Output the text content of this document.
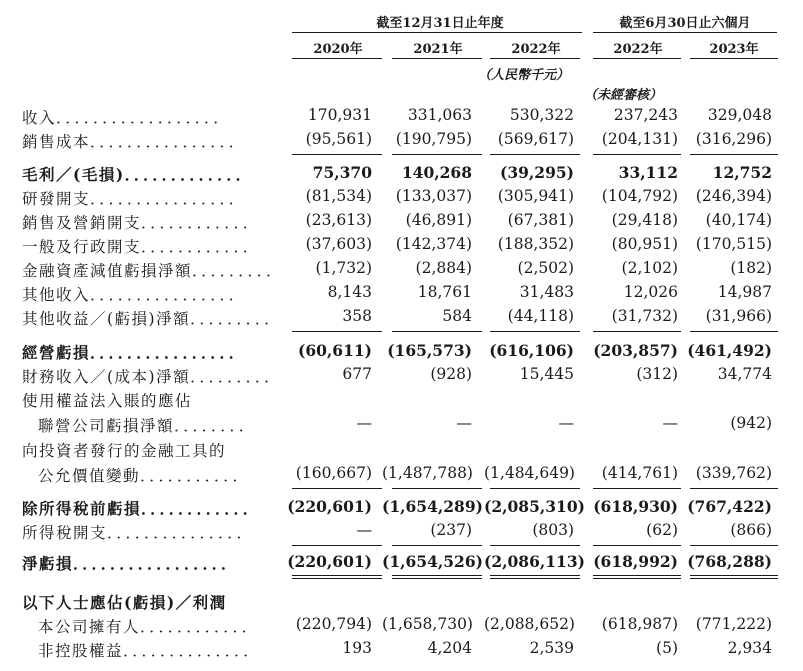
截至12月31日止年度	截至6月30日止六個月
2020年	2021年	2022年	2022年	2023年
（人民幣千元）
（未經審核）
收入．．．．．．．．．．．．．．．．．．	170,931	331,063	530,322	237,243	329,048
銷售成本．．．．．．．．．．．．．．．．	(95,561)	(190,795)	(569,617)	(204,131)	(316,296)
毛利／(毛損)．．．．．．．．．．．．．	75,370	140,268	(39,295)	33,112	12,752
研發開支．．．．．．．．．．．．．．．．	(81,534)	(133,037)	(305,941)	(104,792)	(246,394)
銷售及營銷開支．．．．．．．．．．．．	(23,613)	(46,891)	(67,381)	(29,418)	(40,174)
一般及行政開支．．．．．．．．．．．．	(37,603)	(142,374)	(188,352)	(80,951)	(170,515)
金融資產減值虧損淨額．．．．．．．．．	(1,732)	(2,884)	(2,502)	(2,102)	(182)
其他收入．．．．．．．．．．．．．．．．	8,143	18,761	31,483	12,026	14,987
其他收益／(虧損)淨額．．．．．．．．．	358	584	(44,118)	(31,732)	(31,966)
經營虧損．．．．．．．．．．．．．．．．	(60,611) (165,573)	(616,106)	(203,857) (461,492)
財務收入／(成本)淨額．．．．．．．．．	677	(928)	15,445	(312)	34,774
使用權益法入賬的應佔
聯營公司虧損淨額．．．．．．．．	—	—	—	—	(942)
向投資者發行的金融工具的
公允價值變動．．．．．．．．．．．	(160,667) (1,487,788) (1,484,649)	(414,761)	(339,762)
除所得稅前虧損．．．．．．．．．．．．	(220,601) (1,654,289) (2,085,310) (618,930) (767,422)
所得稅開支．．．．．．．．．．．．．．．	—	(237)	(803)	(62)	(866)
淨虧損．．．．．．．．．．．．．．．．．	(220,601) (1,654,526) (2,086,113) (618,992) (768,288)
以下人士應佔(虧損)／利潤
本公司擁有人．．．．．．．．．．．．	(220,794) (1,658,730) (2,088,652)	(618,987)	(771,222)
非控股權益．．．．．．．．．．．．．．	193	4,204	2,539	(5)	2,934
